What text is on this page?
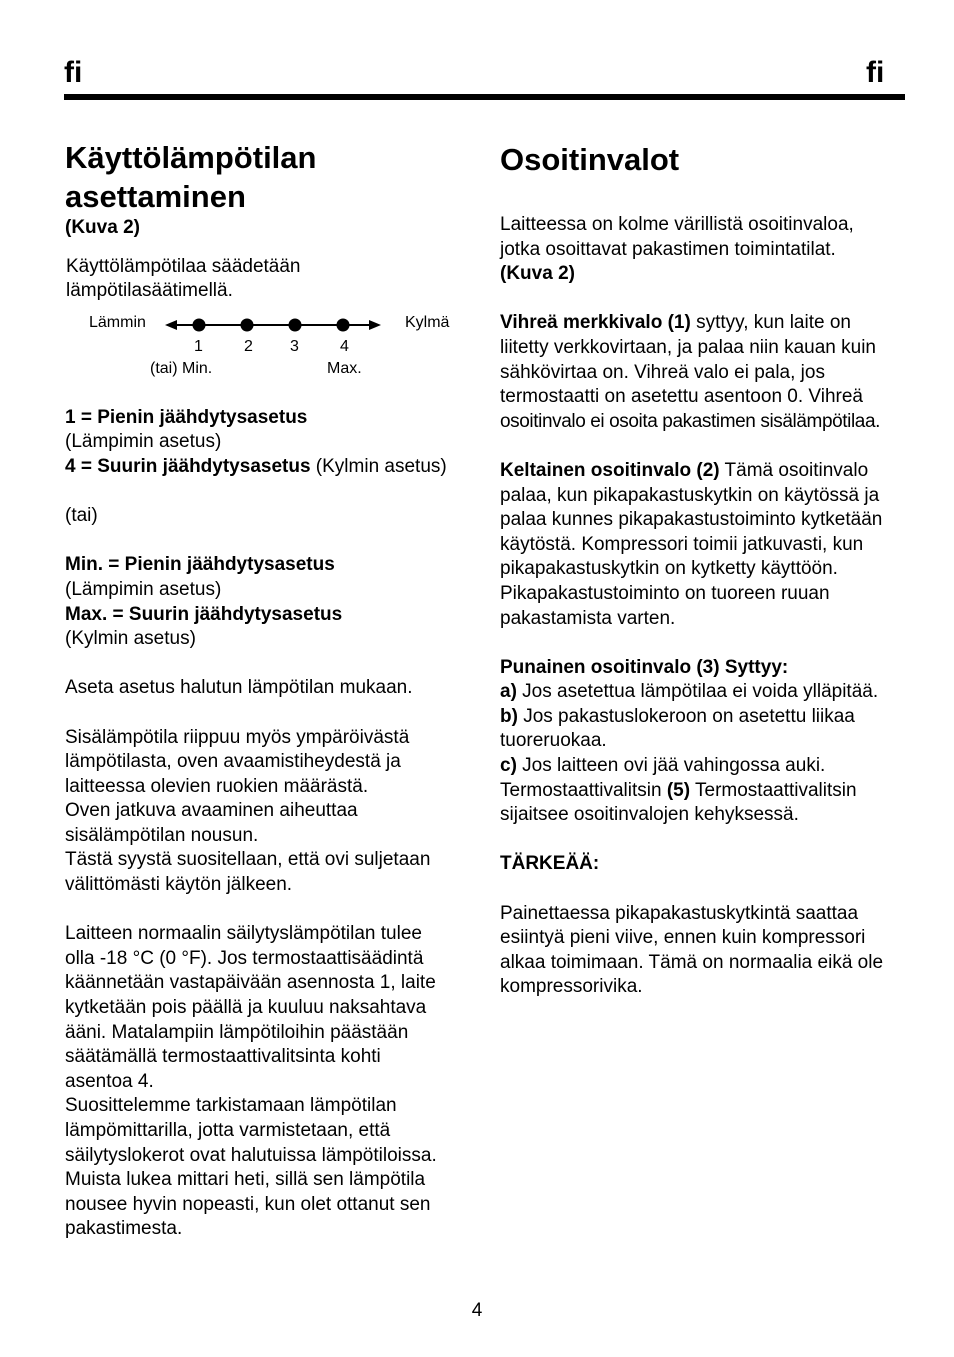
fi	fi
Käyttölämpötilan
asettaminen

(Kuva 2)

Käyttölämpötilaa säädetään

lämpötilasäätimellä.

Lämmin	Kylmä
1	2 3	4
(tai) Min.	Max.

1 = Pienin jäähdytysasetus

(Lämpimin asetus)

4 = Suurin jäähdytysasetus (Kylmin asetus)

(tai)

Min. = Pienin jäähdytysasetus

(Lämpimin asetus)

Max. = Suurin jäähdytysasetus

(Kylmin asetus)

Aseta asetus halutun lämpötilan mukaan.

Sisälämpötila riippuu myös ympäröivästä

lämpötilasta, oven avaamistiheydestä ja

laitteessa olevien ruokien määrästä.

Oven jatkuva avaaminen aiheuttaa

sisälämpötilan nousun.

Tästä syystä suositellaan, että ovi suljetaan

välittömästi käytön jälkeen.

Laitteen normaalin säilytyslämpötilan tulee

olla -18 °C (0 °F). Jos termostaattisäädintä

käännetään vastapäivään asennosta 1, laite

kytketään pois päällä ja kuuluu naksahtava

ääni. Matalampiin lämpötiloihin päästään

säätämällä termostaattivalitsinta kohti

asentoa 4.

Suosittelemme tarkistamaan lämpötilan

lämpömittarilla, jotta varmistetaan, että

säilytyslokerot ovat halutuissa lämpötiloissa.

Muista lukea mittari heti, sillä sen lämpötila

nousee hyvin nopeasti, kun olet ottanut sen

pakastimesta.

Osoitinvalot

Laitteessa on kolme värillistä osoitinvaloa,

jotka osoittavat pakastimen toimintatilat.

(Kuva 2)

Vihreä merkkivalo (1) syttyy, kun laite on

liitetty verkkovirtaan, ja palaa niin kauan kuin

sähkövirtaa on. Vihreä valo ei pala, jos

termostaatti on asetettu asentoon 0. Vihreä

osoitinvalo ei osoita pakastimen sisälämpötilaa.

Keltainen osoitinvalo (2) Tämä osoitinvalo

palaa, kun pikapakastuskytkin on käytössä ja

palaa kunnes pikapakastustoiminto kytketään

käytöstä. Kompressori toimii jatkuvasti, kun

pikapakastuskytkin on kytketty käyttöön.

Pikapakastustoiminto on tuoreen ruuan

pakastamista varten.

Punainen osoitinvalo (3) Syttyy:

a) Jos asetettua lämpötilaa ei voida ylläpitää.

b) Jos pakastuslokeroon on asetettu liikaa

tuoreruokaa.

c) Jos laitteen ovi jää vahingossa auki.

Termostaattivalitsin (5) Termostaattivalitsin

sijaitsee osoitinvalojen kehyksessä.

TÄRKEÄÄ:

Painettaessa pikapakastuskytkintä saattaa

esiintyä pieni viive, ennen kuin kompressori

alkaa toimimaan. Tämä on normaalia eikä ole

kompressorivika.

4
